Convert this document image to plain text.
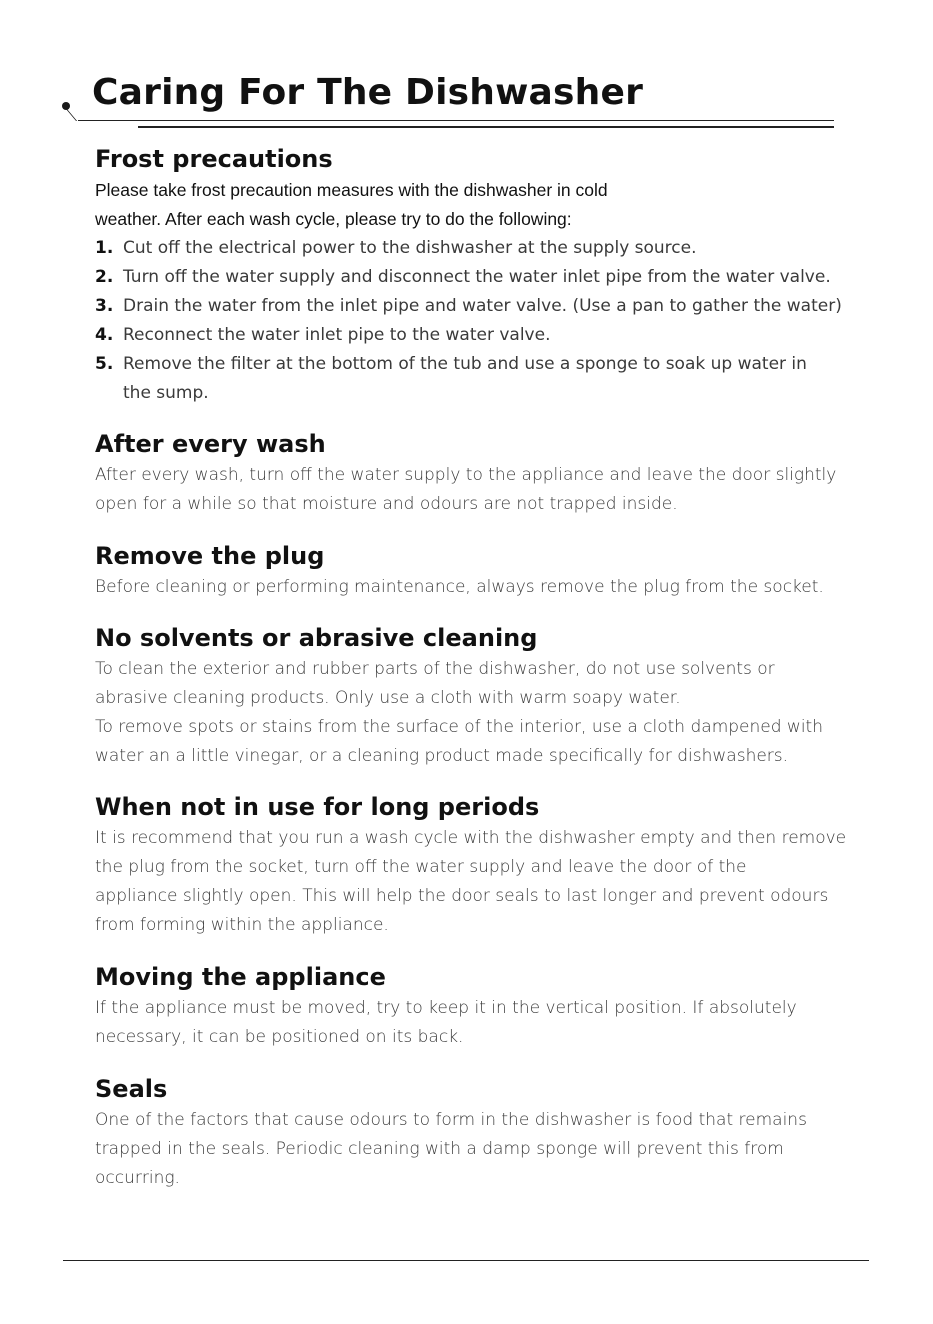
Caring For The Dishwasher
Frost precautions

Please take frost precaution measures with the dishwasher in cold

weather. After each wash cycle, please try to do the following:

1. Cut off the electrical power to the dishwasher at the supply source.
2. Turn off the water supply and disconnect the water inlet pipe from the water valve.
3. Drain the water from the inlet pipe and water valve. (Use a pan to gather the water)
4. Reconnect the water inlet pipe to the water valve.
5. Remove the filter at the bottom of the tub and use a sponge to soak up water in
the sump.
After every wash

After every wash, turn off the water supply to the appliance and leave the door slightly

open for a while so that moisture and odours are not trapped inside.

Remove the plug

Before cleaning or performing maintenance, always remove the plug from the socket.

No solvents or abrasive cleaning

To clean the exterior and rubber parts of the dishwasher, do not use solvents or

abrasive cleaning products. Only use a cloth with warm soapy water.

To remove spots or stains from the surface of the interior, use a cloth dampened with

water an a little vinegar, or a cleaning product made specifically for dishwashers.

When not in use for long periods

It is recommend that you run a wash cycle with the dishwasher empty and then remove

the plug from the socket, turn off the water supply and leave the door of the

appliance slightly open. This will help the door seals to last longer and prevent odours

from forming within the appliance.

Moving the appliance

If the appliance must be moved, try to keep it in the vertical position. If absolutely

necessary, it can be positioned on its back.

Seals

One of the factors that cause odours to form in the dishwasher is food that remains

trapped in the seals. Periodic cleaning with a damp sponge will prevent this from

occurring.
